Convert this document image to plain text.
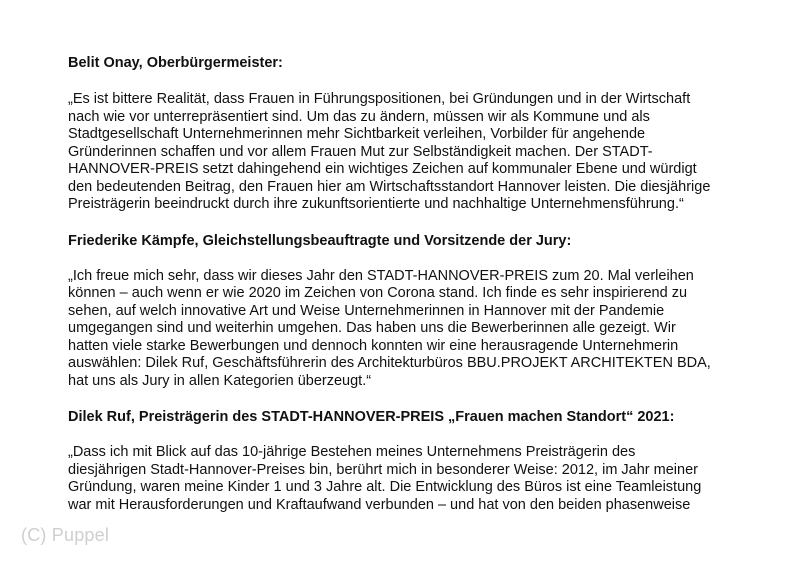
Belit Onay, Oberbürgermeister:

„Es ist bittere Realität, dass Frauen in Führungspositionen, bei Gründungen und in der Wirtschaft
nach wie vor unterrepräsentiert sind. Um das zu ändern, müssen wir als Kommune und als
Stadtgesellschaft Unternehmerinnen mehr Sichtbarkeit verleihen, Vorbilder für angehende
Gründerinnen schaffen und vor allem Frauen Mut zur Selbständigkeit machen. Der STADT-
HANNOVER-PREIS setzt dahingehend ein wichtiges Zeichen auf kommunaler Ebene und würdigt
den bedeutenden Beitrag, den Frauen hier am Wirtschaftsstandort Hannover leisten. Die diesjährige
Preisträgerin beeindruckt durch ihre zukunftsorientierte und nachhaltige Unternehmensführung.“

Friederike Kämpfe, Gleichstellungsbeauftragte und Vorsitzende der Jury:

„Ich freue mich sehr, dass wir dieses Jahr den STADT-HANNOVER-PREIS zum 20. Mal verleihen
können – auch wenn er wie 2020 im Zeichen von Corona stand. Ich finde es sehr inspirierend zu
sehen, auf welch innovative Art und Weise Unternehmerinnen in Hannover mit der Pandemie
umgegangen sind und weiterhin umgehen. Das haben uns die Bewerberinnen alle gezeigt. Wir
hatten viele starke Bewerbungen und dennoch konnten wir eine herausragende Unternehmerin
auswählen: Dilek Ruf, Geschäftsführerin des Architekturbüros BBU.PROJEKT ARCHITEKTEN BDA,
hat uns als Jury in allen Kategorien überzeugt.“

Dilek Ruf, Preisträgerin des STADT-HANNOVER-PREIS „Frauen machen Standort“ 2021:

„Dass ich mit Blick auf das 10-jährige Bestehen meines Unternehmens Preisträgerin des
diesjährigen Stadt-Hannover-Preises bin, berührt mich in besonderer Weise: 2012, im Jahr meiner
Gründung, waren meine Kinder 1 und 3 Jahre alt. Die Entwicklung des Büros ist eine Teamleistung
war mit Herausforderungen und Kraftaufwand verbunden – und hat von den beiden phasenweise

(C) Puppel
